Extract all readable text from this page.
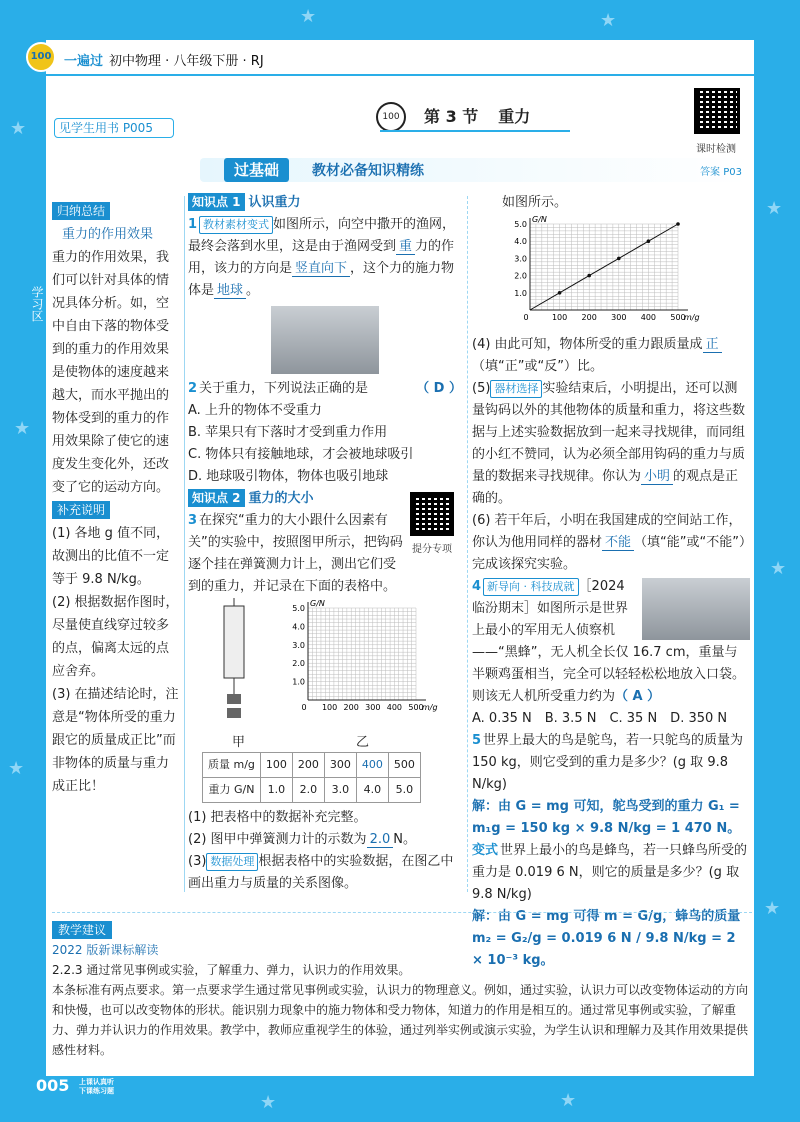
★
★
★
★
★
★
★	★
★	★
100 一遍过 初中物理 · 八年级下册 · RJ
见学生用书 P005
100	第 3 节 重力
课时检测
过基础	教材必备知识精练	答案 P03
学习区
归纳总结
重力的作用效果
重力的作用效果，我们可以针对具体的情况具体分析。如，空中自由下落的物体受到的重力的作用效果是使物体的速度越来越大，而水平抛出的物体受到的重力的作用效果除了使它的速度发生变化外，还改变了它的运动方向。
补充说明
(1) 各地 g 值不同，故测出的比值不一定等于 9.8 N/kg。
(2) 根据数据作图时，尽量使直线穿过较多的点，偏离太远的点应舍弃。
(3) 在描述结论时，注意是“物体所受的重力跟它的质量成正比”而非物体的质量与重力成正比！
知识点 1 认识重力
1 教材素材变式 如图所示，向空中撒开的渔网，最终会落到水里，这是由于渔网受到 重 力的作用，该力的方向是 竖直向下 ，这个力的施力物体是 地球 。
2 关于重力，下列说法正确的是	（ D ）
A. 上升的物体不受重力
B. 苹果只有下落时才受到重力作用
C. 物体只有接触地球，才会被地球吸引
D. 地球吸引物体，物体也吸引地球
知识点 2 重力的大小
3 在探究“重力的大小跟什么因素有关”的实验中，按照图甲所示，把钩码逐个挂在弹簧测力计上，测出它们受到的重力，并记录在下面的表格中。
1.0
2.0
3.0
4.0
5.0
0 100 200 300 400 500
G/N
m/g
甲	乙
质量 m/g	100	200	300	400	500
重力 G/N	1.0	2.0	3.0	4.0	5.0
(1) 把表格中的数据补充完整。
(2) 图甲中弹簧测力计的示数为 2.0 N。
(3) 数据处理 根据表格中的实验数据，在图乙中画出重力与质量的关系图像。
提分专项
如图所示。
1.0
2.0
3.0
4.0
5.0
0	100 200 300 400 500
G/N
m/g
(4) 由此可知，物体所受的重力跟质量成 正（填“正”或“反”）比。
(5) 器材选择 实验结束后，小明提出，还可以测量钩码以外的其他物体的质量和重力，将这些数据与上述实验数据放到一起来寻找规律，而同组的小红不赞同，认为必须全部用钩码的重力与质量的数据来寻找规律。你认为 小明 的观点是正确的。
(6) 若干年后，小明在我国建成的空间站工作，你认为他用同样的器材 不能 （填“能”或“不能”）完成该探究实验。
4 新导向 · 科技成就 ［2024 临汾期末］如图所示是世界上最小的军用无人侦察机——“黑蜂”，无人机全长仅 16.7 cm，重量与半颗鸡蛋相当，完全可以轻轻松松地放入口袋。则该无人机所受重力约为（ A ）
A. 0.35 N　B. 3.5 N　C. 35 N　D. 350 N
5 世界上最大的鸟是鸵鸟，若一只鸵鸟的质量为 150 kg，则它受到的重力是多少？(g 取 9.8 N/kg)
解：由 G = mg 可知，鸵鸟受到的重力 G₁ = m₁g = 150 kg × 9.8 N/kg = 1 470 N。
变式 世界上最小的鸟是蜂鸟，若一只蜂鸟所受的重力是 0.019 6 N，则它的质量是多少？(g 取 9.8 N/kg)
解：由 G = mg 可得 m = G/g，蜂鸟的质量 m₂ = G₂/g = 0.019 6 N / 9.8 N/kg = 2 × 10⁻³ kg。
教学建议
2022 版新课标解读
2.2.3 通过常见事例或实验，了解重力、弹力，认识力的作用效果。
本条标准有两点要求。第一点要求学生通过常见事例或实验，认识力的物理意义。例如，通过实验，认识力可以改变物体运动的方向和快慢，也可以改变物体的形状。能识别力现象中的施力物体和受力物体，知道力的作用是相互的。通过常见事例或实验，了解重力、弹力并认识力的作用效果。教学中，教师应重视学生的体验，通过列举实例或演示实验，为学生认识和理解力及其作用效果提供感性材料。
005 上课认真听
下课练习题
